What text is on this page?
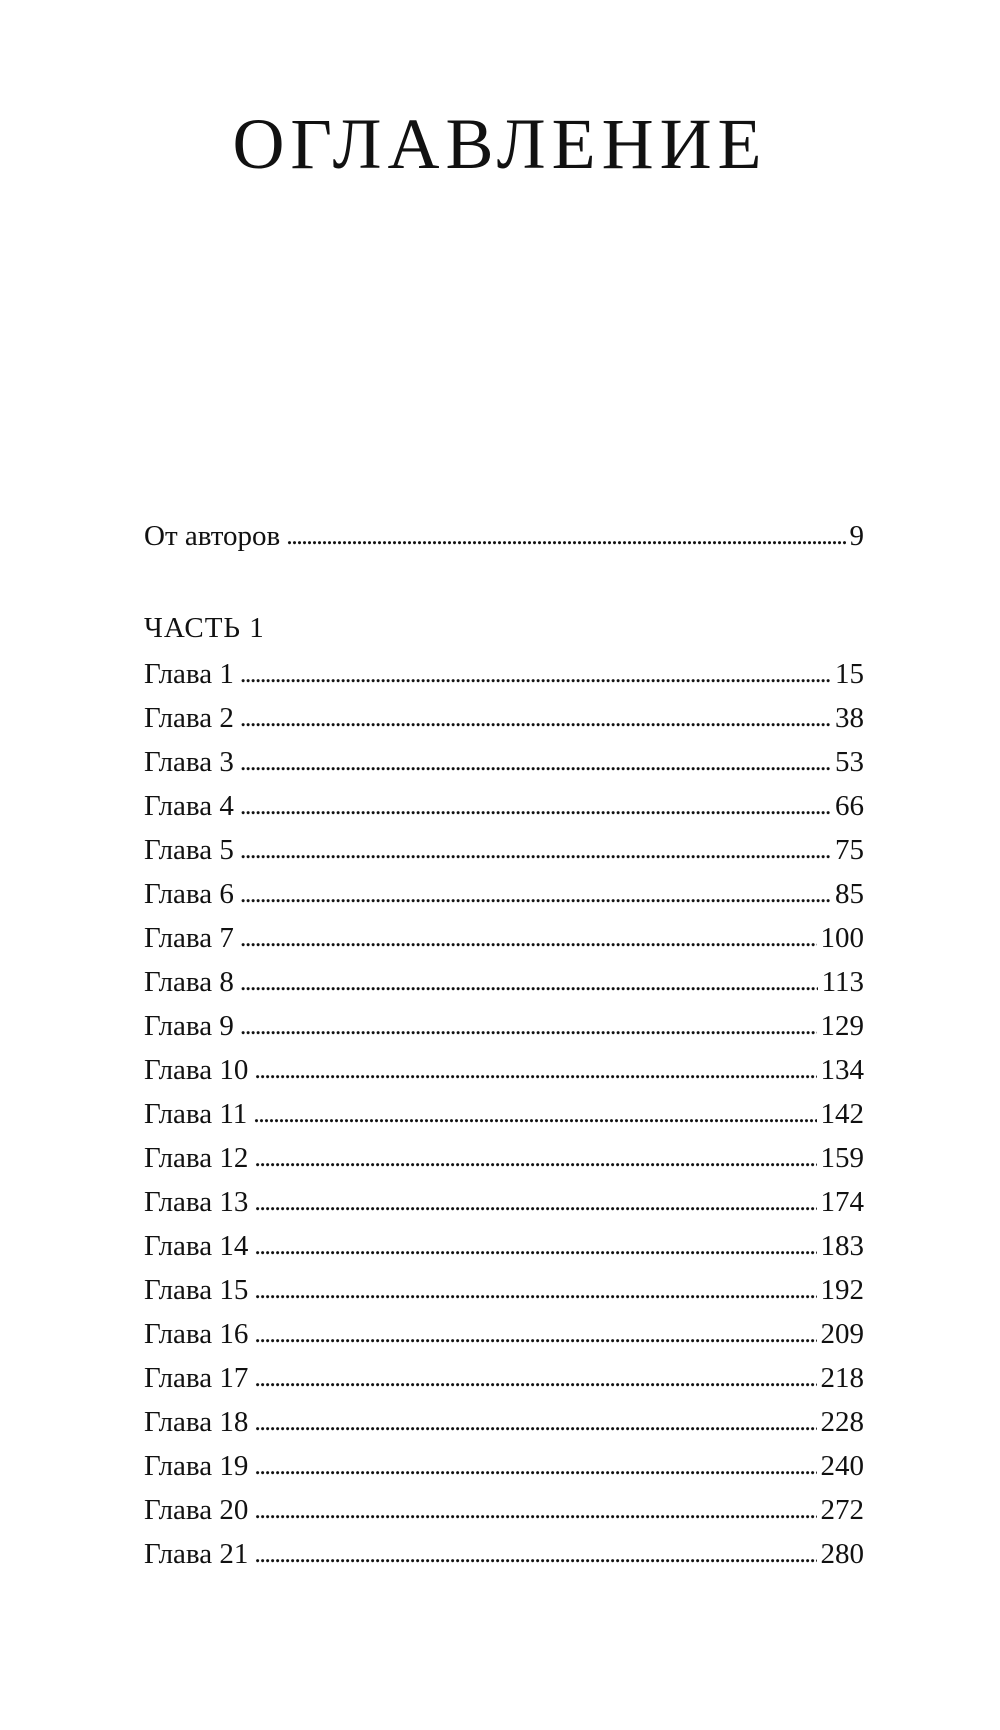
ОГЛАВЛЕНИЕ
От авторов . . .	9
ЧАСТЬ 1
Глава 1 . . .	15
Глава 2 . . .	38
Глава 3 . . .	53
Глава 4 . . .	66
Глава 5 . . .	75
Глава 6 . . .	85
Глава 7 . . .	100
Глава 8 . . .	113
Глава 9 . . .	129
Глава 10 . . .	134
Глава 11 . . .	142
Глава 12 . . .	159
Глава 13 . . .	174
Глава 14 . . .	183
Глава 15 . . .	192
Глава 16 . . .	209
Глава 17 . . .	218
Глава 18 . . .	228
Глава 19 . . .	240
Глава 20 . . .	272
Глава 21 . . .	280
